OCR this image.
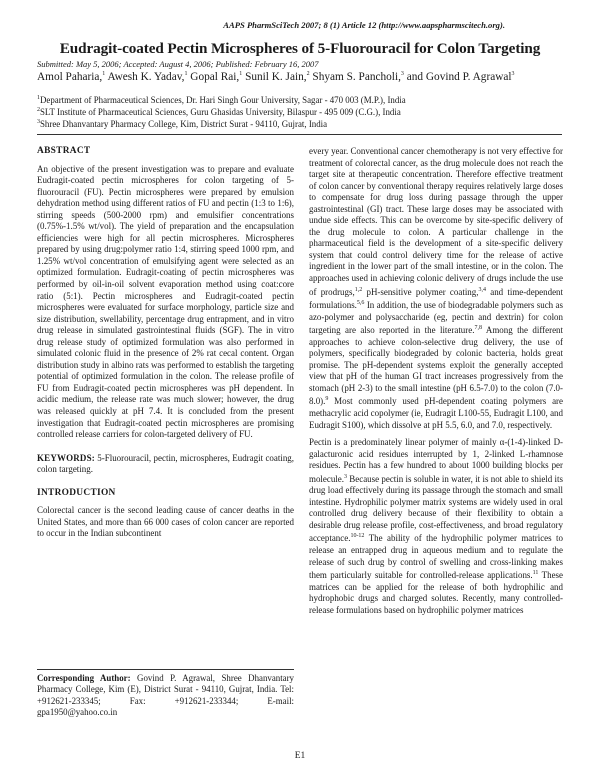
AAPS PharmSciTech 2007; 8 (1) Article 12 (http://www.aapspharmscitech.org).
Eudragit-coated Pectin Microspheres of 5-Fluorouracil for Colon Targeting
Submitted: May 5, 2006; Accepted: August 4, 2006; Published: February 16, 2007
Amol Paharia,$^1$ Awesh K. Yadav,$^1$ Gopal Rai,$^1$ Sunil K. Jain,$^2$ Shyam S. Pancholi,$^3$ and Govind P. Agrawal$^3$
$^1$Department of Pharmaceutical Sciences, Dr. Hari Singh Gour University, Sagar - 470 003 (M.P.), India
$^2$SLT Institute of Pharmaceutical Sciences, Guru Ghasidas University, Bilaspur - 495 009 (C.G.), India
$^3$Shree Dhanvantary Pharmacy College, Kim, District Surat - 94110, Gujrat, India
ABSTRACT

An objective of the present investigation was to prepare and evaluate Eudragit-coated pectin microspheres for colon targeting of 5-fluorouracil (FU). Pectin microspheres were prepared by emulsion dehydration method using different ratios of FU and pectin (1:3 to 1:6), stirring speeds (500-2000 rpm) and emulsifier concentrations (0.75%-1.5% wt/vol). The yield of preparation and the encapsulation efficiencies were high for all pectin microspheres. Microspheres prepared by using drug:polymer ratio 1:4, stirring speed 1000 rpm, and 1.25% wt/vol concentration of emulsifying agent were selected as an optimized formulation. Eudragit-coating of pectin microspheres was performed by oil-in-oil solvent evaporation method using coat:core ratio (5:1). Pectin microspheres and Eudragit-coated pectin microspheres were evaluated for surface morphology, particle size and size distribution, swellability, percentage drug entrapment, and in vitro drug release in simulated gastrointestinal fluids (SGF). The in vitro drug release study of optimized formulation was also performed in simulated colonic fluid in the presence of 2% rat cecal content. Organ distribution study in albino rats was performed to establish the targeting potential of optimized formulation in the colon. The release profile of FU from Eudragit-coated pectin microspheres was pH dependent. In acidic medium, the release rate was much slower; however, the drug was released quickly at pH 7.4. It is concluded from the present investigation that Eudragit-coated pectin microspheres are promising controlled release carriers for colon-targeted delivery of FU.

KEYWORDS: 5-Fluorouracil, pectin, microspheres, Eudragit coating, colon targeting.

INTRODUCTION

Colorectal cancer is the second leading cause of cancer deaths in the United States, and more than 66 000 cases of colon cancer are reported to occur in the Indian subcontinent

Corresponding Author: Govind P. Agrawal, Shree Dhanvantary Pharmacy College, Kim (E), District Surat - 94110, Gujrat, India. Tel: +912621-233345; Fax: +912621-233344; E-mail: gpa1950@yahoo.co.in

every year. Conventional cancer chemotherapy is not very effective for treatment of colorectal cancer, as the drug molecule does not reach the target site at therapeutic concentration. Therefore effective treatment of colon cancer by conventional therapy requires relatively large doses to compensate for drug loss during passage through the upper gastrointestinal (GI) tract. These large doses may be associated with undue side effects. This can be overcome by site-specific delivery of the drug molecule to colon. A particular challenge in the pharmaceutical field is the development of a site-specific delivery system that could control delivery time for the release of active ingredient in the lower part of the small intestine, or in the colon. The approaches used in achieving colonic delivery of drugs include the use of prodrugs,$^{1,2}$ pH-sensitive polymer coating,$^{3,4}$ and time-dependent formulations.$^{5,6}$ In addition, the use of biodegradable polymers such as azo-polymer and polysaccharide (eg, pectin and dextrin) for colon targeting are also reported in the literature.$^{7,8}$ Among the different approaches to achieve colon-selective drug delivery, the use of polymers, specifically biodegraded by colonic bacteria, holds great promise. The pH-dependent systems exploit the generally accepted view that pH of the human GI tract increases progressively from the stomach (pH 2-3) to the small intestine (pH 6.5-7.0) to the colon (7.0-8.0).$^9$ Most commonly used pH-dependent coating polymers are methacrylic acid copolymer (ie, Eudragit L100-55, Eudragit L100, and Eudragit S100), which dissolve at pH 5.5, 6.0, and 7.0, respectively.

Pectin is a predominately linear polymer of mainly α-(1-4)-linked D-galacturonic acid residues interrupted by 1, 2-linked L-rhamnose residues. Pectin has a few hundred to about 1000 building blocks per molecule.$^3$ Because pectin is soluble in water, it is not able to shield its drug load effectively during its passage through the stomach and small intestine. Hydrophilic polymer matrix systems are widely used in oral controlled drug delivery because of their flexibility to obtain a desirable drug release profile, cost-effectiveness, and broad regulatory acceptance.$^{10-12}$ The ability of the hydrophilic polymer matrices to release an entrapped drug in aqueous medium and to regulate the release of such drug by control of swelling and cross-linking makes them particularly suitable for controlled-release applications.$^{11}$ These matrices can be applied for the release of both hydrophilic and hydrophobic drugs and charged solutes. Recently, many controlled-release formulations based on hydrophilic polymer matrices

E1
